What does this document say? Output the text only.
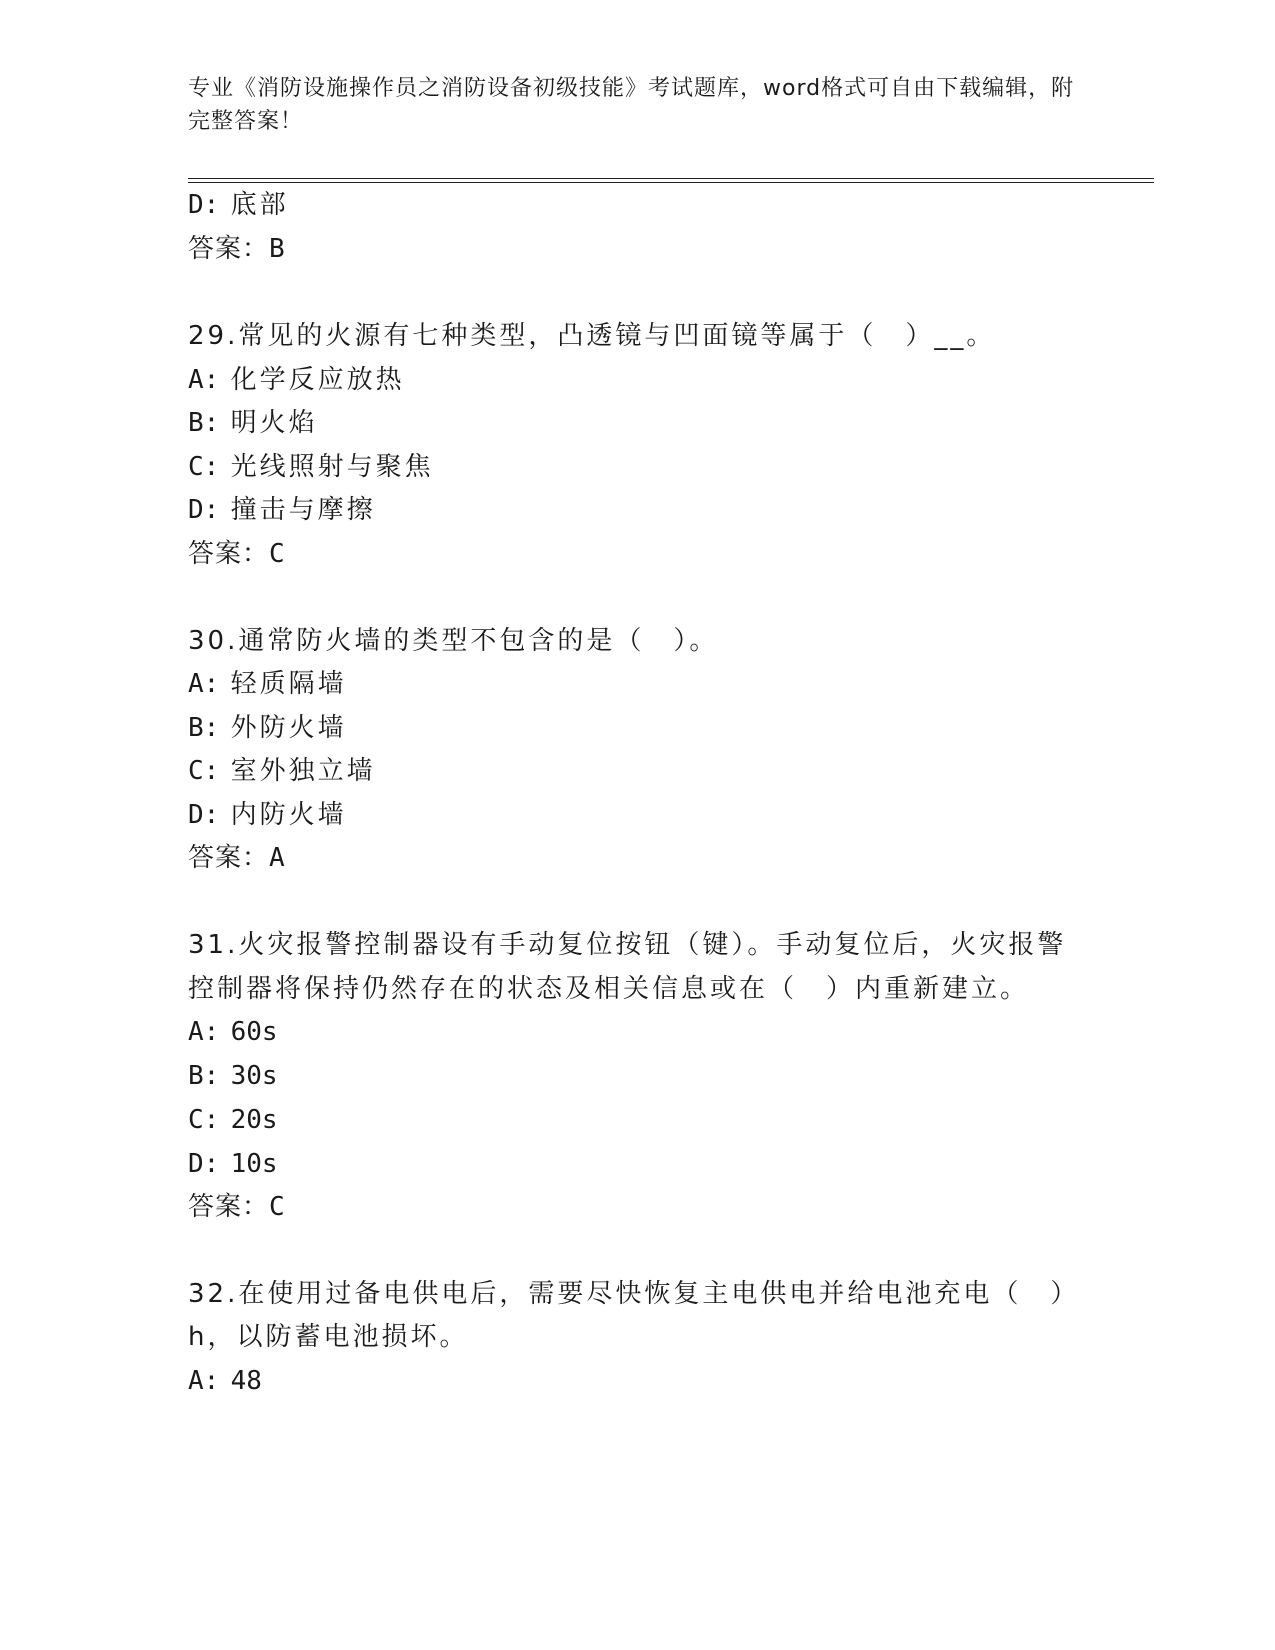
专业《消防设施操作员之消防设备初级技能》考试题库，word格式可自由下载编辑，附完整答案！
D: 底部
答案：B
29.常见的火源有七种类型，凸透镜与凹面镜等属于（　）__。
A: 化学反应放热
B: 明火焰
C: 光线照射与聚焦
D: 撞击与摩擦
答案：C
30.通常防火墙的类型不包含的是（　）。
A: 轻质隔墙
B: 外防火墙
C: 室外独立墙
D: 内防火墙
答案：A
31.火灾报警控制器设有手动复位按钮（键）。手动复位后，火灾报警
控制器将保持仍然存在的状态及相关信息或在（　）内重新建立。
A: 60s
B: 30s
C: 20s
D: 10s
答案：C
32.在使用过备电供电后，需要尽快恢复主电供电并给电池充电（　）
h，以防蓄电池损坏。
A: 48
